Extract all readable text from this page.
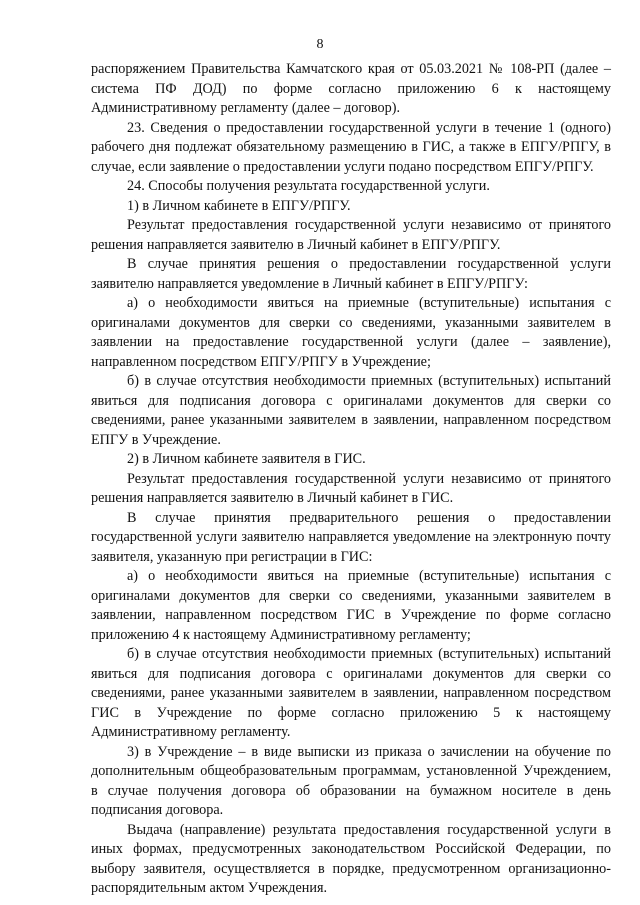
8

распоряжением Правительства Камчатского края от 05.03.2021 № 108-РП (далее – система ПФ ДОД) по форме согласно приложению 6 к настоящему Административному регламенту (далее – договор).

23. Сведения о предоставлении государственной услуги в течение 1 (одного) рабочего дня подлежат обязательному размещению в ГИС, а также в ЕПГУ/РПГУ, в случае, если заявление о предоставлении услуги подано посредством ЕПГУ/РПГУ.

24. Способы получения результата государственной услуги.

1) в Личном кабинете в ЕПГУ/РПГУ.

Результат предоставления государственной услуги независимо от принятого решения направляется заявителю в Личный кабинет в ЕПГУ/РПГУ.

В случае принятия решения о предоставлении государственной услуги заявителю направляется уведомление в Личный кабинет в ЕПГУ/РПГУ:

а) о необходимости явиться на приемные (вступительные) испытания с оригиналами документов для сверки со сведениями, указанными заявителем в заявлении на предоставление государственной услуги (далее – заявление), направленном посредством ЕПГУ/РПГУ в Учреждение;

б) в случае отсутствия необходимости приемных (вступительных) испытаний явиться для подписания договора с оригиналами документов для сверки со сведениями, ранее указанными заявителем в заявлении, направленном посредством ЕПГУ в Учреждение.

2) в Личном кабинете заявителя в ГИС.

Результат предоставления государственной услуги независимо от принятого решения направляется заявителю в Личный кабинет в ГИС.

В случае принятия предварительного решения о предоставлении государственной услуги заявителю направляется уведомление на электронную почту заявителя, указанную при регистрации в ГИС:

а) о необходимости явиться на приемные (вступительные) испытания с оригиналами документов для сверки со сведениями, указанными заявителем в заявлении, направленном посредством ГИС в Учреждение по форме согласно приложению 4 к настоящему Административному регламенту;

б) в случае отсутствия необходимости приемных (вступительных) испытаний явиться для подписания договора с оригиналами документов для сверки со сведениями, ранее указанными заявителем в заявлении, направленном посредством ГИС в Учреждение по форме согласно приложению 5 к настоящему Административному регламенту.

3) в Учреждение – в виде выписки из приказа о зачислении на обучение по дополнительным общеобразовательным программам, установленной Учреждением, в случае получения договора об образовании на бумажном носителе в день подписания договора.

Выдача (направление) результата предоставления государственной услуги в иных формах, предусмотренных законодательством Российской Федерации, по выбору заявителя, осуществляется в порядке, предусмотренном организационно-распорядительным актом Учреждения.
